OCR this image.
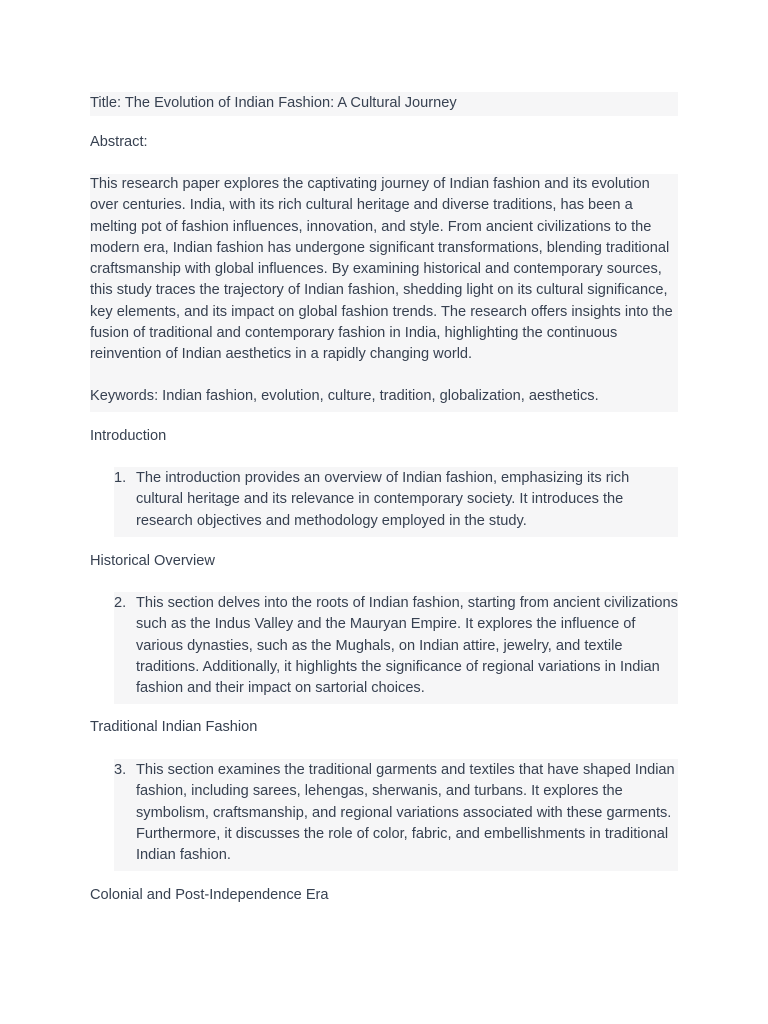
Title: The Evolution of Indian Fashion: A Cultural Journey
Abstract:

This research paper explores the captivating journey of Indian fashion and its evolution over centuries. India, with its rich cultural heritage and diverse traditions, has been a melting pot of fashion influences, innovation, and style. From ancient civilizations to the modern era, Indian fashion has undergone significant transformations, blending traditional craftsmanship with global influences. By examining historical and contemporary sources, this study traces the trajectory of Indian fashion, shedding light on its cultural significance, key elements, and its impact on global fashion trends. The research offers insights into the fusion of traditional and contemporary fashion in India, highlighting the continuous reinvention of Indian aesthetics in a rapidly changing world.

Keywords: Indian fashion, evolution, culture, tradition, globalization, aesthetics.

Introduction
1. The introduction provides an overview of Indian fashion, emphasizing its rich cultural heritage and its relevance in contemporary society. It introduces the research objectives and methodology employed in the study.
Historical Overview
2. This section delves into the roots of Indian fashion, starting from ancient civilizations such as the Indus Valley and the Mauryan Empire. It explores the influence of various dynasties, such as the Mughals, on Indian attire, jewelry, and textile traditions. Additionally, it highlights the significance of regional variations in Indian fashion and their impact on sartorial choices.
Traditional Indian Fashion
3. This section examines the traditional garments and textiles that have shaped Indian fashion, including sarees, lehengas, sherwanis, and turbans. It explores the symbolism, craftsmanship, and regional variations associated with these garments. Furthermore, it discusses the role of color, fabric, and embellishments in traditional Indian fashion.
Colonial and Post-Independence Era
